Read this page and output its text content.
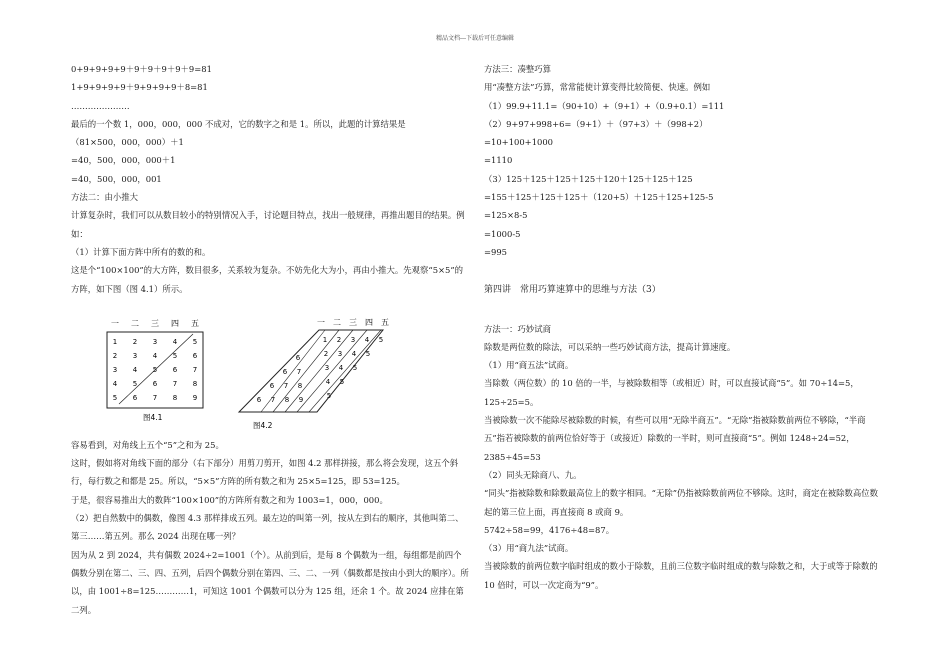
精品文档---下载后可任意编辑

0+9+9+9+9＋9＋9＋9＋9＋9=81

1+9+9+9+9＋9+9+9+9＋8=81

…………………

最后的一个数 1，000，000，000 不成对，它的数字之和是 1。所以，此题的计算结果是

（81×500，000，000）＋1

=40，500，000，000＋1

=40，500，000，001

方法二：由小推大

计算复杂时，我们可以从数目较小的特别情况入手，讨论题目特点，找出一般规律，再推出题目的结果。例如：

（1）计算下面方阵中所有的数的和。

这是个“100×100”的大方阵，数目很多，关系较为复杂。不妨先化大为小，再由小推大。先观察“5×5”的方阵，如下图（图 4.1）所示。

一 二 三 四 五
1 2 3 4 5
2 3 4 5 6
3 4 5 6 7
4 5 6 7 8
5 6 7 8 9
图4.1
一 二 三 四 五
1 2 3 4 5
2 3 4 5
3 4 5
4 5
5
6
6 7
6 7 8
6 7 8 9
图4.2

容易看到，对角线上五个“5”之和为 25。

这时，假如将对角线下面的部分（右下部分）用剪刀剪开，如图 4.2 那样拼接，那么将会发现，这五个斜行，每行数之和都是 25。所以，“5×5”方阵的所有数之和为 25×5=125，即 53=125。

于是，很容易推出大的数阵“100×100”的方阵所有数之和为 1003=1，000，000。

（2）把自然数中的偶数，像图 4.3 那样排成五列。最左边的叫第一列，按从左到右的顺序，其他叫第二、第三……第五列。那么 2024 出现在哪一列？

因为从 2 到 2024，共有偶数 2024÷2=1001（个）。从前到后，是每 8 个偶数为一组，每组都是前四个偶数分别在第二、三、四、五列，后四个偶数分别在第四、三、二、一列（偶数都是按由小到大的顺序）。所以，由 1001÷8=125…………1，可知这 1001 个偶数可以分为 125 组，还余 1 个。故 2024 应排在第二列。

方法三：凑整巧算

用“凑整方法”巧算，常常能使计算变得比较简便、快速。例如

（1）99.9+11.1=（90+10）+（9+1）+（0.9+0.1）=111

（2）9+97+998+6=（9+1）＋（97+3）＋（998+2）

=10+100+1000

=1110

（3）125＋125＋125＋125＋120＋125＋125＋125

=155＋125＋125＋125＋（120+5）＋125＋125+125-5

=125×8-5

=1000-5

=995

第四讲　常用巧算速算中的思维与方法（3）

方法一：巧妙试商

除数是两位数的除法，可以采纳一些巧妙试商方法，提高计算速度。

（1）用“商五法”试商。

当除数（两位数）的 10 倍的一半，与被除数相等（或相近）时，可以直接试商“5”。如 70÷14=5，125÷25=5。

当被除数一次不能除尽被除数的时候，有些可以用“无除半商五”。“无除”指被除数前两位不够除，“半商五”指若被除数的前两位恰好等于（或接近）除数的一半时，则可直接商“5”。例如 1248÷24=52，2385÷45=53

（2）同头无除商八、九。

“同头”指被除数和除数最高位上的数字相同。“无除”仍指被除数前两位不够除。这时，商定在被除数高位数起的第三位上面，再直接商 8 或商 9。

5742÷58=99，4176÷48=87。

（3）用“商九法”试商。

当被除数的前两位数字临时组成的数小于除数，且前三位数字临时组成的数与除数之和，大于或等于除数的 10 倍时，可以一次定商为“9”。
